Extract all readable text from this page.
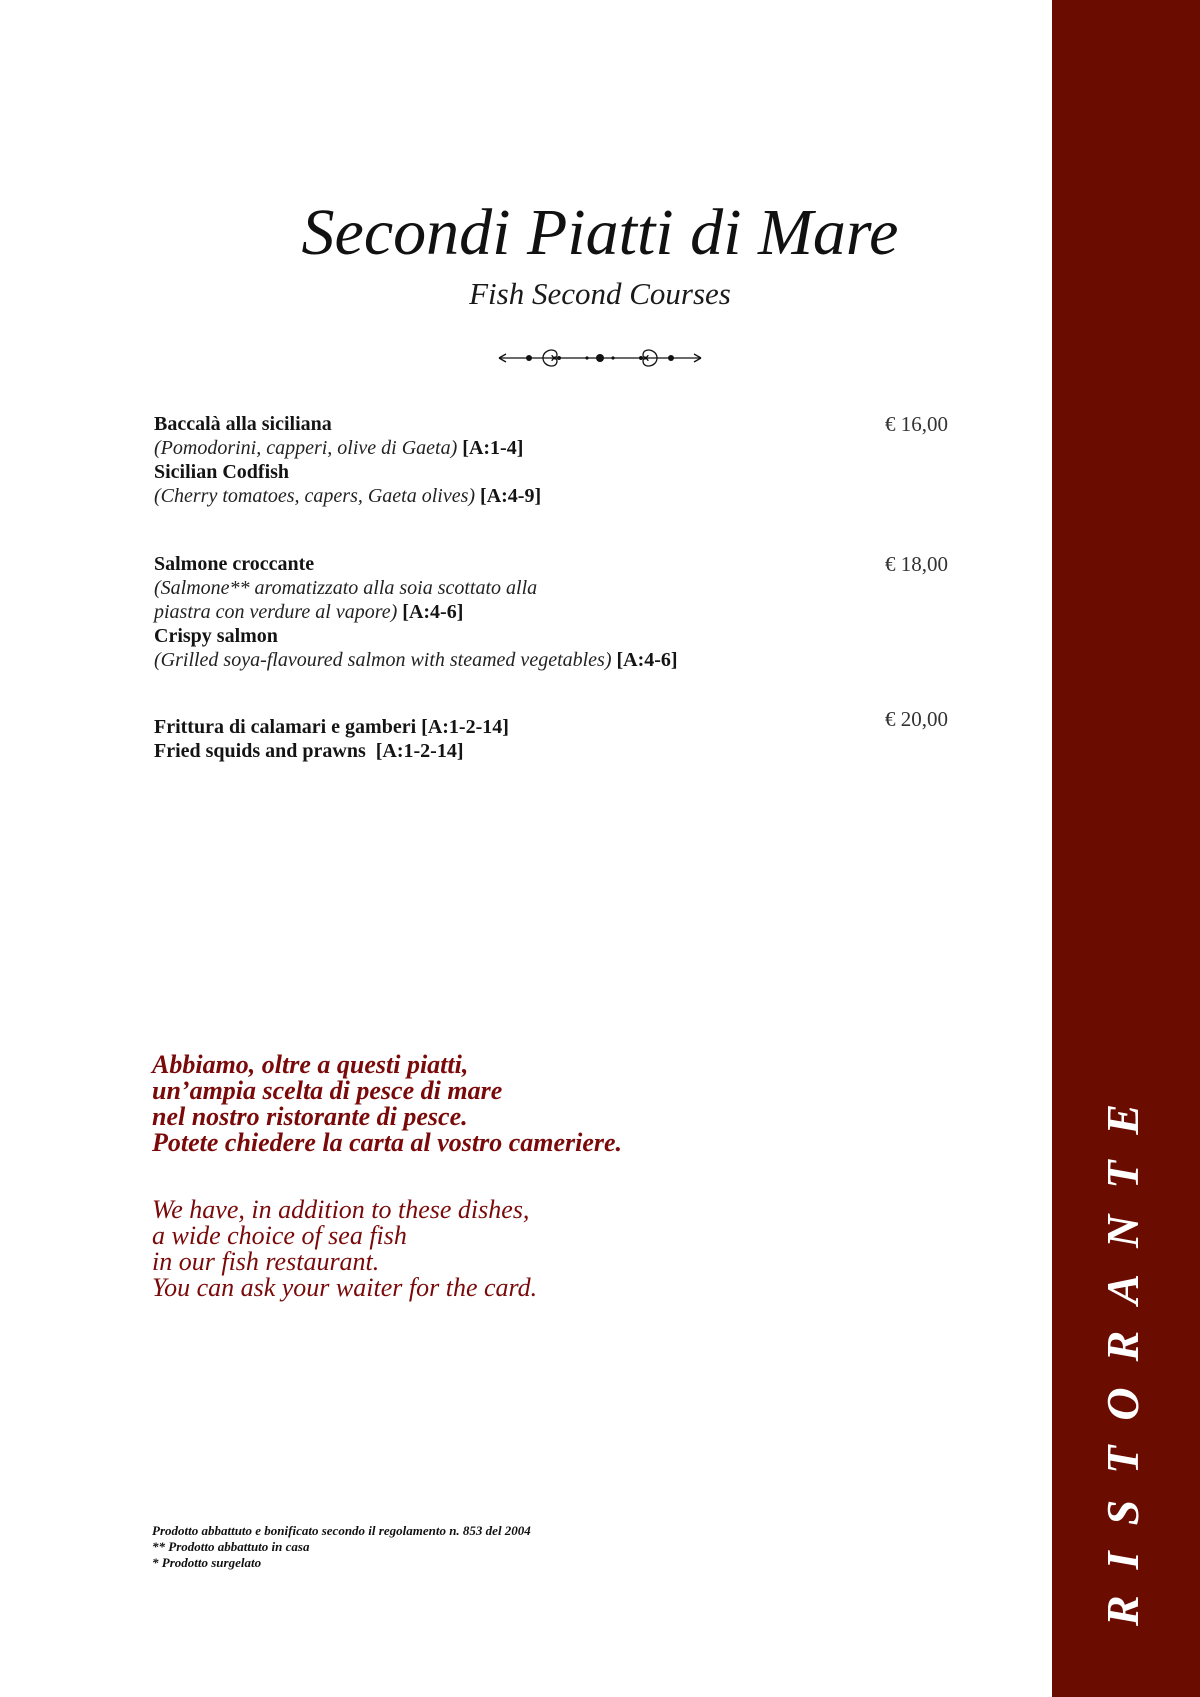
RISTORANTE
Secondi Piatti di Mare
Fish Second Courses
Baccalà alla siciliana
(Pomodorini, capperi, olive di Gaeta) [A:1-4]
Sicilian Codfish
(Cherry tomatoes, capers, Gaeta olives) [A:4-9]
€ 16,00
Salmone croccante
(Salmone** aromatizzato alla soia scottato alla
piastra con verdure al vapore) [A:4-6]
Crispy salmon
(Grilled soya-flavoured salmon with steamed vegetables) [A:4-6]
€ 18,00
Frittura di calamari e gamberi [A:1-2-14]
Fried squids and prawns [A:1-2-14]
€ 20,00
Abbiamo, oltre a questi piatti,
un’ampia scelta di pesce di mare
nel nostro ristorante di pesce.
Potete chiedere la carta al vostro cameriere.
We have, in addition to these dishes,
a wide choice of sea fish
in our fish restaurant.
You can ask your waiter for the card.
Prodotto abbattuto e bonificato secondo il regolamento n. 853 del 2004
** Prodotto abbattuto in casa
* Prodotto surgelato
